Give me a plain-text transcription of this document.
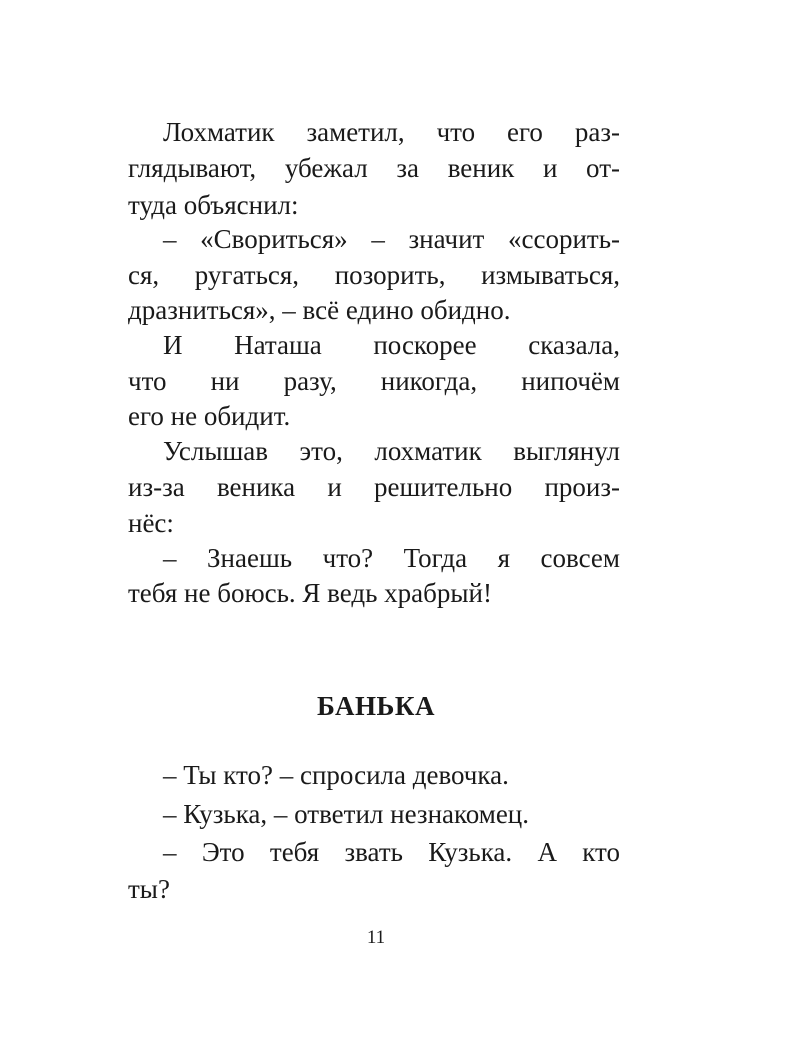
Лохматик заметил, что его раз-
глядывают, убежал за веник и от-
туда объяснил:
– «Свориться» – значит «ссорить-
ся, ругаться, позорить, измываться,
дразниться», – всё едино обидно.
И Наташа поскорее сказала,
что ни разу, никогда, нипочём
его не обидит.
Услышав это, лохматик выглянул
из-за веника и решительно произ-
нёс:
– Знаешь что? Тогда я совсем
тебя не боюсь. Я ведь храбрый!
БАНЬКА
– Ты кто? – спросила девочка.
– Кузька, – ответил незнакомец.
– Это тебя звать Кузька. А кто
ты?
11
